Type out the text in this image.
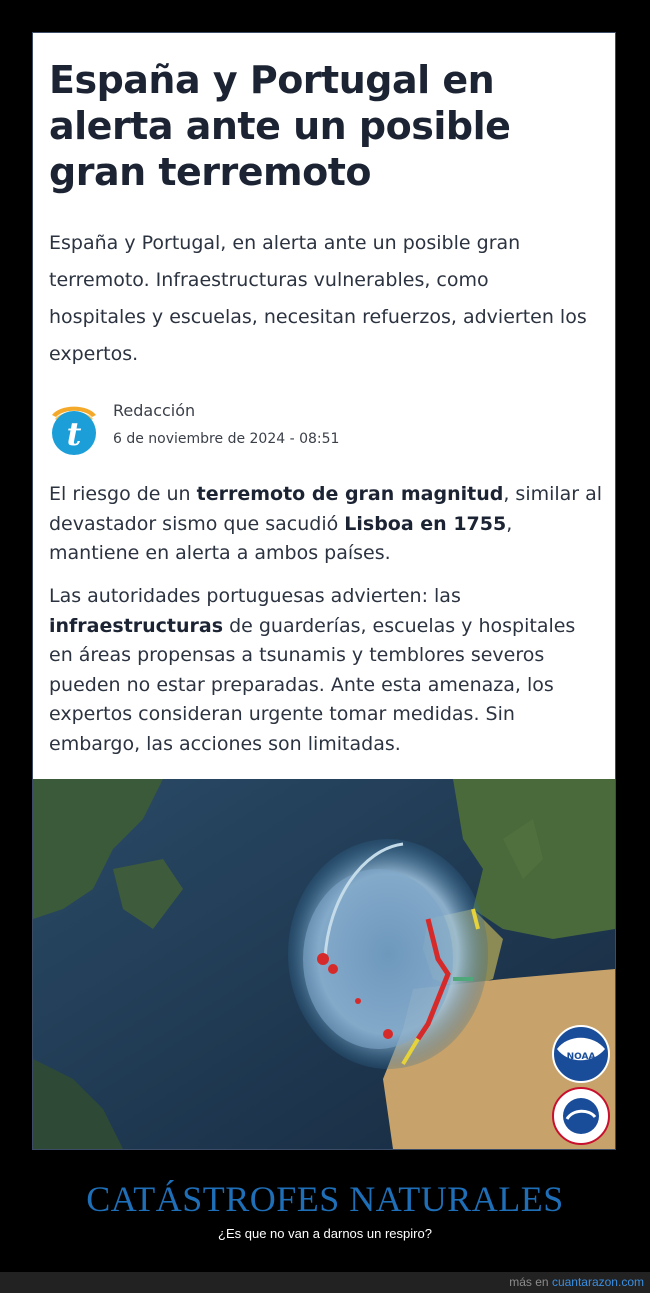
España y Portugal en alerta ante un posible gran terremoto

España y Portugal, en alerta ante un posible gran terremoto. Infraestructuras vulnerables, como hospitales y escuelas, necesitan refuerzos, advierten los expertos.

t
Redacción
6 de noviembre de 2024 - 08:51

El riesgo de un terremoto de gran magnitud, similar al devastador sismo que sacudió Lisboa en 1755, mantiene en alerta a ambos países.

Las autoridades portuguesas advierten: las infraestructuras de guarderías, escuelas y hospitales en áreas propensas a tsunamis y temblores severos pueden no estar preparadas. Ante esta amenaza, los expertos consideran urgente tomar medidas. Sin embargo, las acciones son limitadas.

NOAA
CATÁSTROFES NATURALES
¿Es que no van a darnos un respiro?
más en cuantarazon.com
